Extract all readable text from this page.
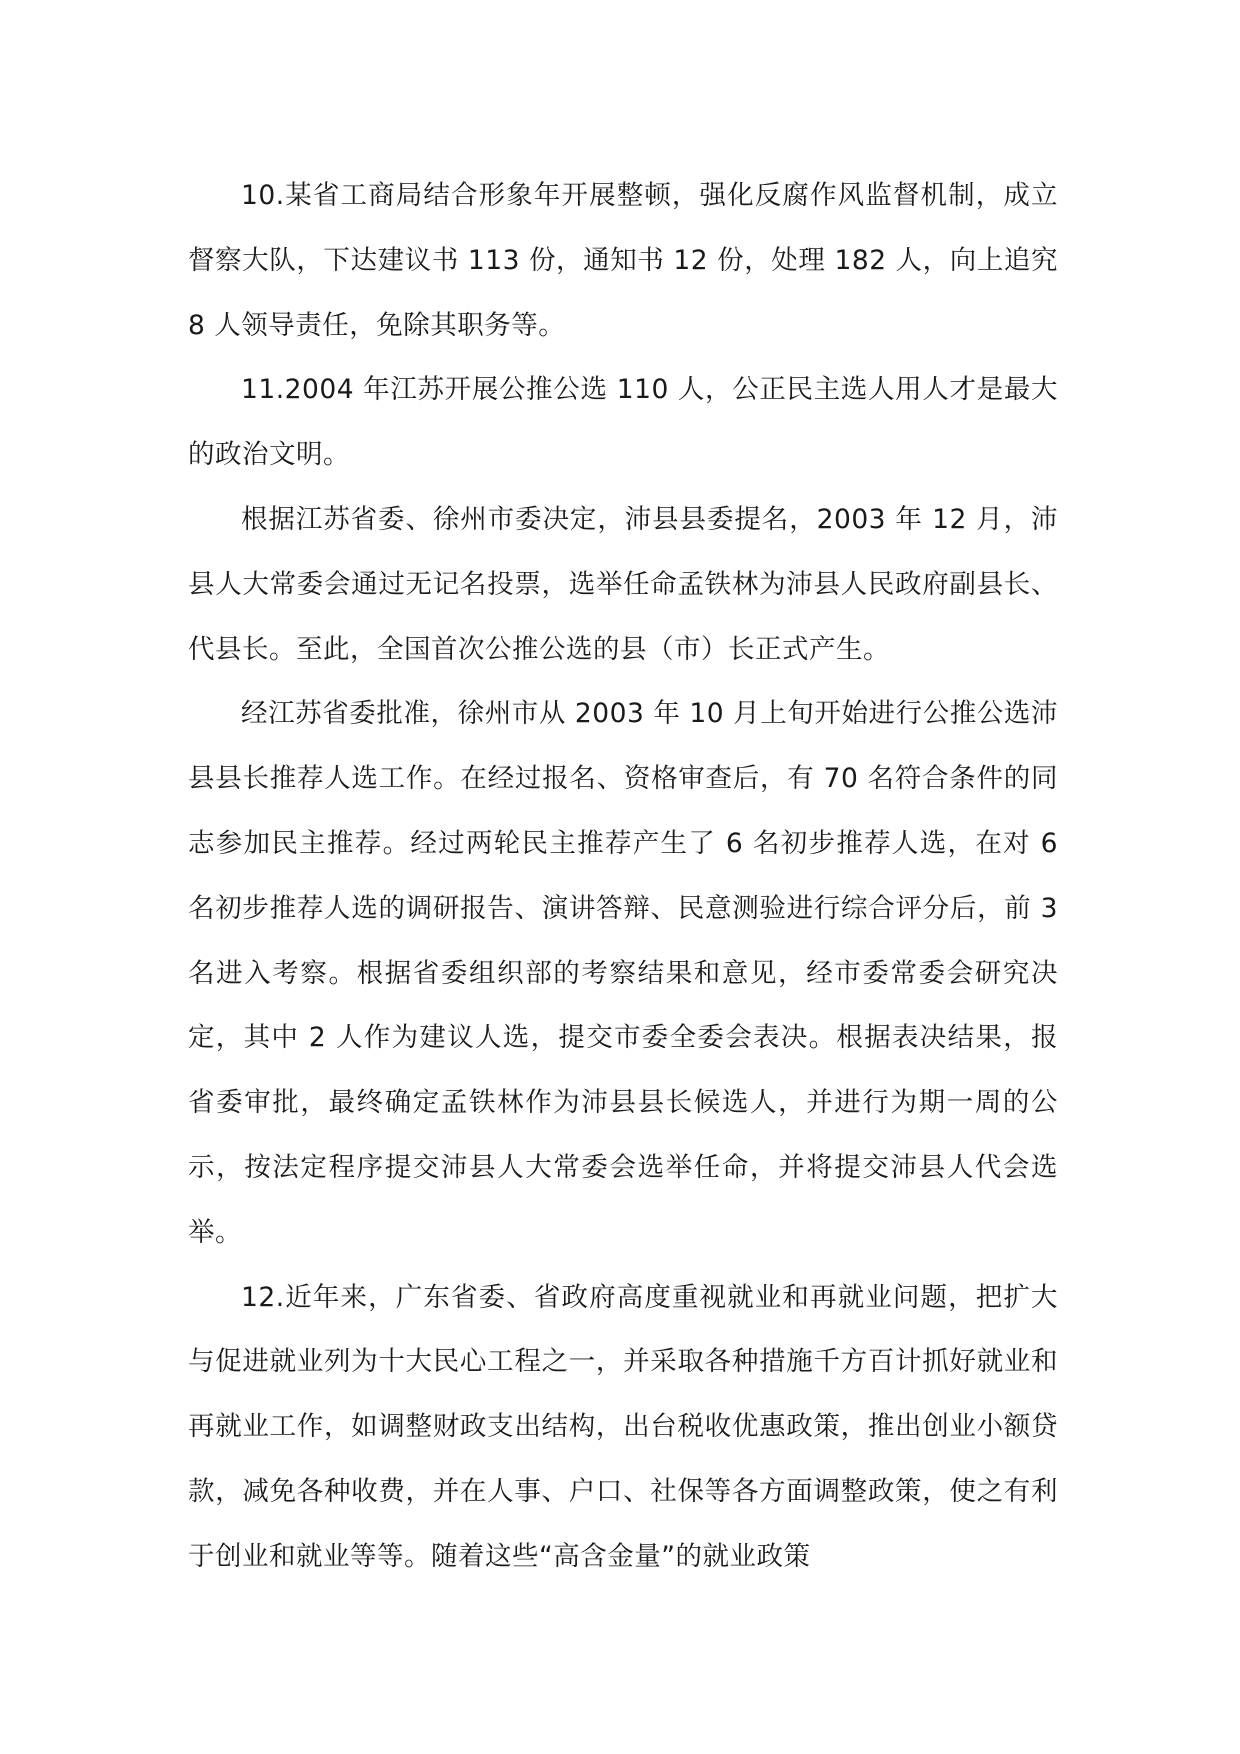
10.某省工商局结合形象年开展整顿，强化反腐作风监督机制，成立督察大队，下达建议书 113 份，通知书 12 份，处理 182 人，向上追究 8 人领导责任，免除其职务等。

11.2004 年江苏开展公推公选 110 人，公正民主选人用人才是最大的政治文明。

根据江苏省委、徐州市委决定，沛县县委提名，2003 年 12 月，沛县人大常委会通过无记名投票，选举任命孟铁林为沛县人民政府副县长、代县长。至此，全国首次公推公选的县（市）长正式产生。

经江苏省委批准，徐州市从 2003 年 10 月上旬开始进行公推公选沛县县长推荐人选工作。在经过报名、资格审查后，有 70 名符合条件的同志参加民主推荐。经过两轮民主推荐产生了 6 名初步推荐人选，在对 6 名初步推荐人选的调研报告、演讲答辩、民意测验进行综合评分后，前 3 名进入考察。根据省委组织部的考察结果和意见，经市委常委会研究决定，其中 2 人作为建议人选，提交市委全委会表决。根据表决结果，报省委审批，最终确定孟铁林作为沛县县长候选人，并进行为期一周的公示，按法定程序提交沛县人大常委会选举任命，并将提交沛县人代会选举。

12.近年来，广东省委、省政府高度重视就业和再就业问题，把扩大与促进就业列为十大民心工程之一，并采取各种措施千方百计抓好就业和再就业工作，如调整财政支出结构，出台税收优惠政策，推出创业小额贷款，减免各种收费，并在人事、户口、社保等各方面调整政策，使之有利于创业和就业等等。随着这些“高含金量”的就业政策
